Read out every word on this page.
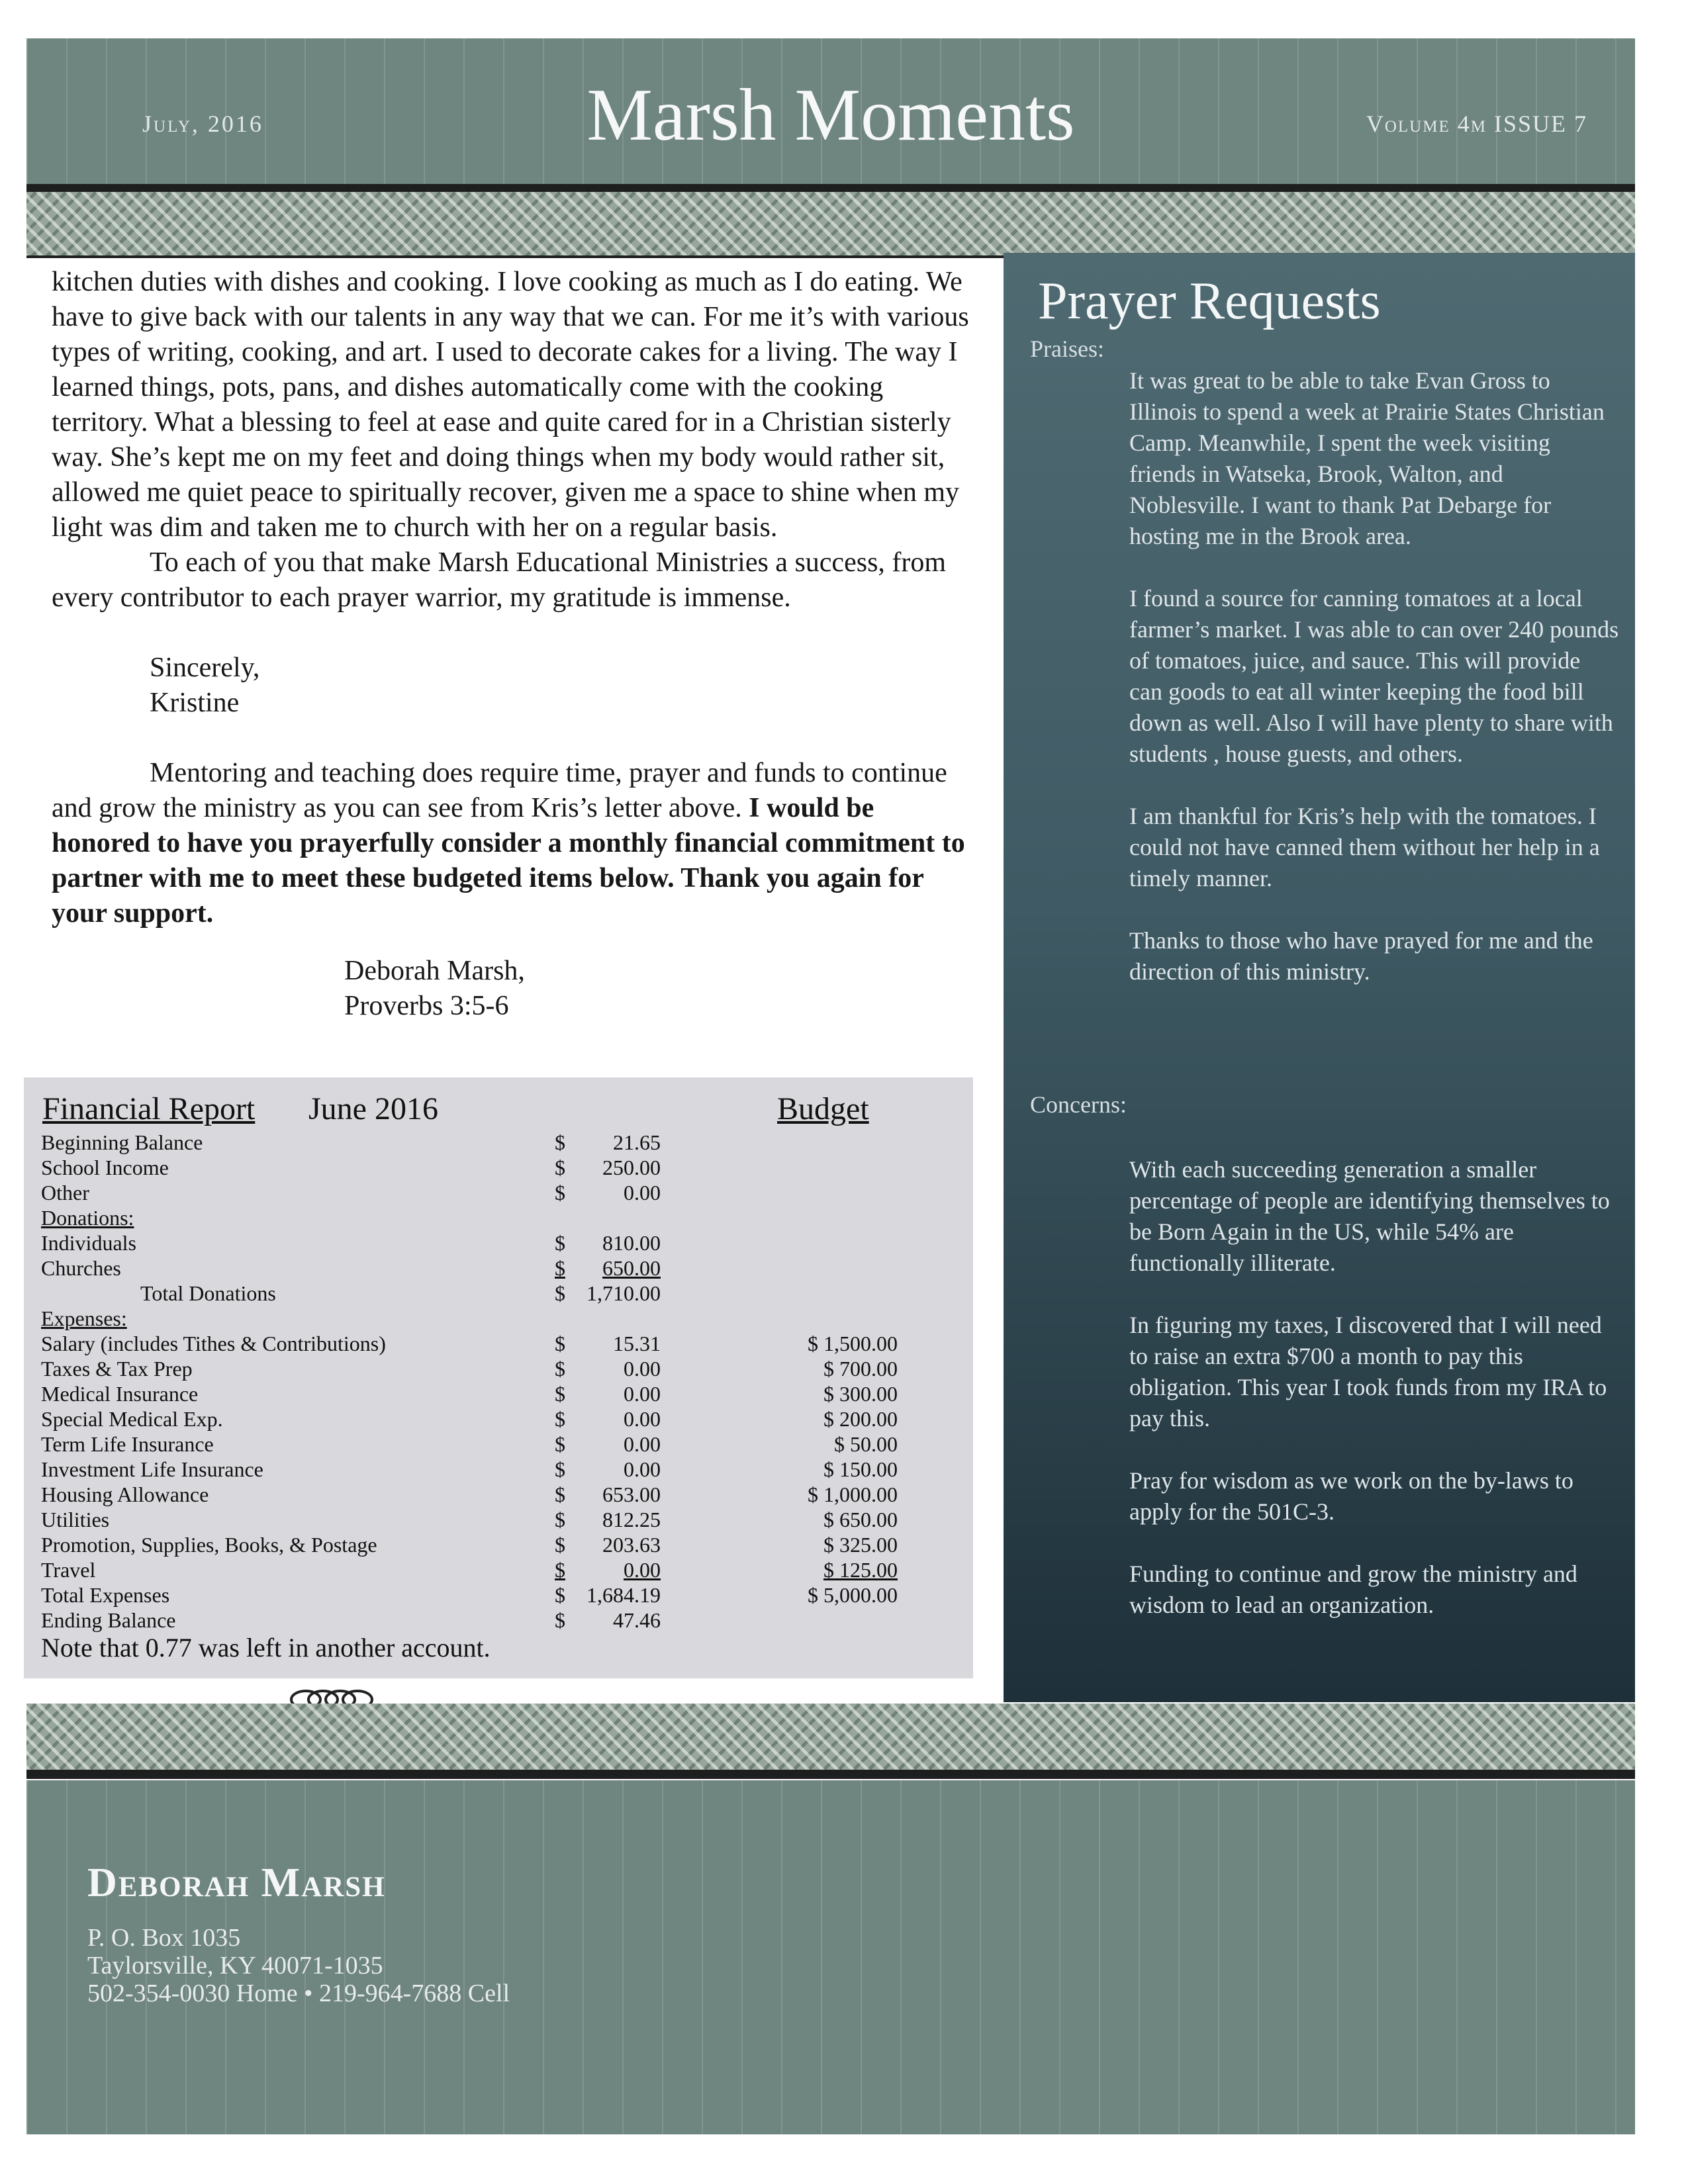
July, 2016	Marsh Moments	Volume 4m ISSUE 7

kitchen duties with dishes and cooking. I love cooking as much as I do eating. We have to give back with our talents in any way that we can. For me it’s with various types of writing, cooking, and art. I used to decorate cakes for a living. The way I learned things, pots, pans, and dishes automatically come with the cooking territory. What a blessing to feel at ease and quite cared for in a Christian sisterly way. She’s kept me on my feet and doing things when my body would rather sit, allowed me quiet peace to spiritually recover, given me a space to shine when my light was dim and taken me to church with her on a regular basis.

To each of you that make Marsh Educational Ministries a success, from every contributor to each prayer warrior, my gratitude is immense.

Sincerely,

Kristine

Mentoring and teaching does require time, prayer and funds to continue and grow the ministry as you can see from Kris’s letter above. I would be honored to have you prayerfully consider a monthly financial commitment to partner with me to meet these budgeted items below. Thank you again for your support.

Deborah Marsh,

Proverbs 3:5-6

Prayer Requests
Praises:

It was great to be able to take Evan Gross to Illinois to spend a week at Prairie States Christian Camp. Meanwhile, I spent the week visiting friends in Watseka, Brook, Walton, and Noblesville. I want to thank Pat Debarge for hosting me in the Brook area.

I found a source for canning tomatoes at a local farmer’s market. I was able to can over 240 pounds of tomatoes, juice, and sauce. This will provide can goods to eat all winter keeping the food bill down as well. Also I will have plenty to share with students , house guests, and others.

I am thankful for Kris’s help with the tomatoes. I could not have canned them without her help in a timely manner.

Thanks to those who have prayed for me and the direction of this ministry.

Concerns:

With each succeeding generation a smaller percentage of people are identifying themselves to be Born Again in the US, while 54% are functionally illiterate.

In figuring my taxes, I discovered that I will need to raise an extra $700 a month to pay this obligation. This year I took funds from my IRA to pay this.

Pray for wisdom as we work on the by-laws to apply for the 501C-3.

Funding to continue and grow the ministry and wisdom to lead an organization.

Financial Report June 2016	Budget
Beginning Balance	$	21.65
School Income	$	250.00
Other	$	0.00
Donations:
Individuals	$	810.00
Churches	$	650.00
Total Donations	$	1,710.00
Expenses:
Salary (includes Tithes & Contributions)	$	15.31	$ 1,500.00
Taxes & Tax Prep	$	0.00	$ 700.00
Medical Insurance	$	0.00	$ 300.00
Special Medical Exp.	$	0.00	$ 200.00
Term Life Insurance	$	0.00	$ 50.00
Investment Life Insurance	$	0.00	$ 150.00
Housing Allowance	$	653.00	$ 1,000.00
Utilities	$	812.25	$ 650.00
Promotion, Supplies, Books, & Postage	$	203.63	$ 325.00
Travel	$	0.00	$ 125.00
Total Expenses	$	1,684.19	$ 5,000.00
Ending Balance	$	47.46
Note that 0.77 was left in another account.
Deborah Marsh
P. O. Box 1035
Taylorsville, KY 40071-1035
502-354-0030 Home • 219-964-7688 Cell
